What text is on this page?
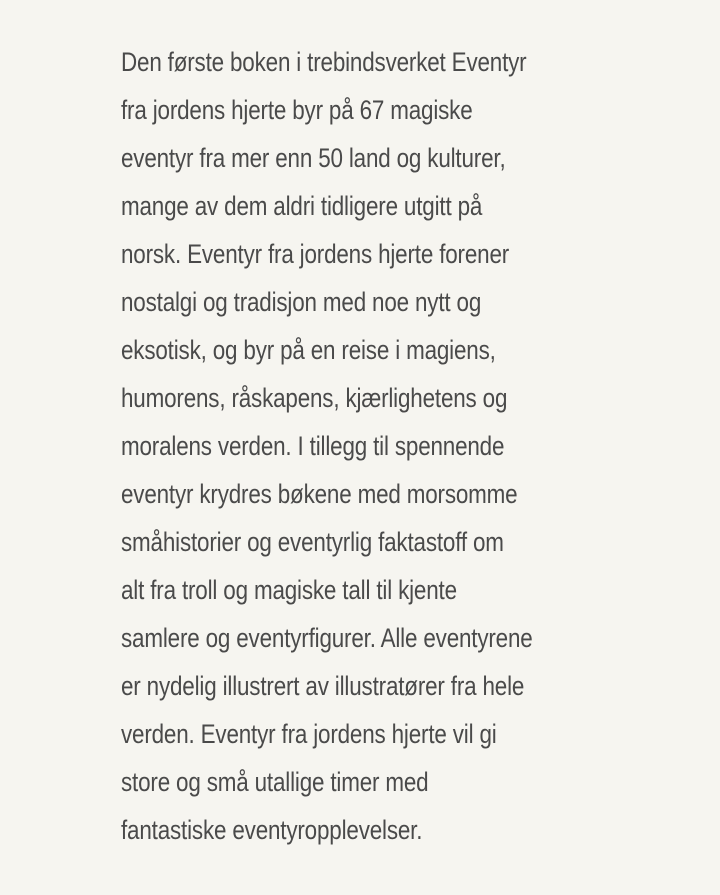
Den første boken i trebindsverket Eventyr
fra jordens hjerte byr på 67 magiske
eventyr fra mer enn 50 land og kulturer,
mange av dem aldri tidligere utgitt på
norsk. Eventyr fra jordens hjerte forener
nostalgi og tradisjon med noe nytt og
eksotisk, og byr på en reise i magiens,
humorens, råskapens, kjærlighetens og
moralens verden. I tillegg til spennende
eventyr krydres bøkene med morsomme
småhistorier og eventyrlig faktastoff om
alt fra troll og magiske tall til kjente
samlere og eventyrfigurer. Alle eventyrene
er nydelig illustrert av illustratører fra hele
verden. Eventyr fra jordens hjerte vil gi
store og små utallige timer med
fantastiske eventyropplevelser.
